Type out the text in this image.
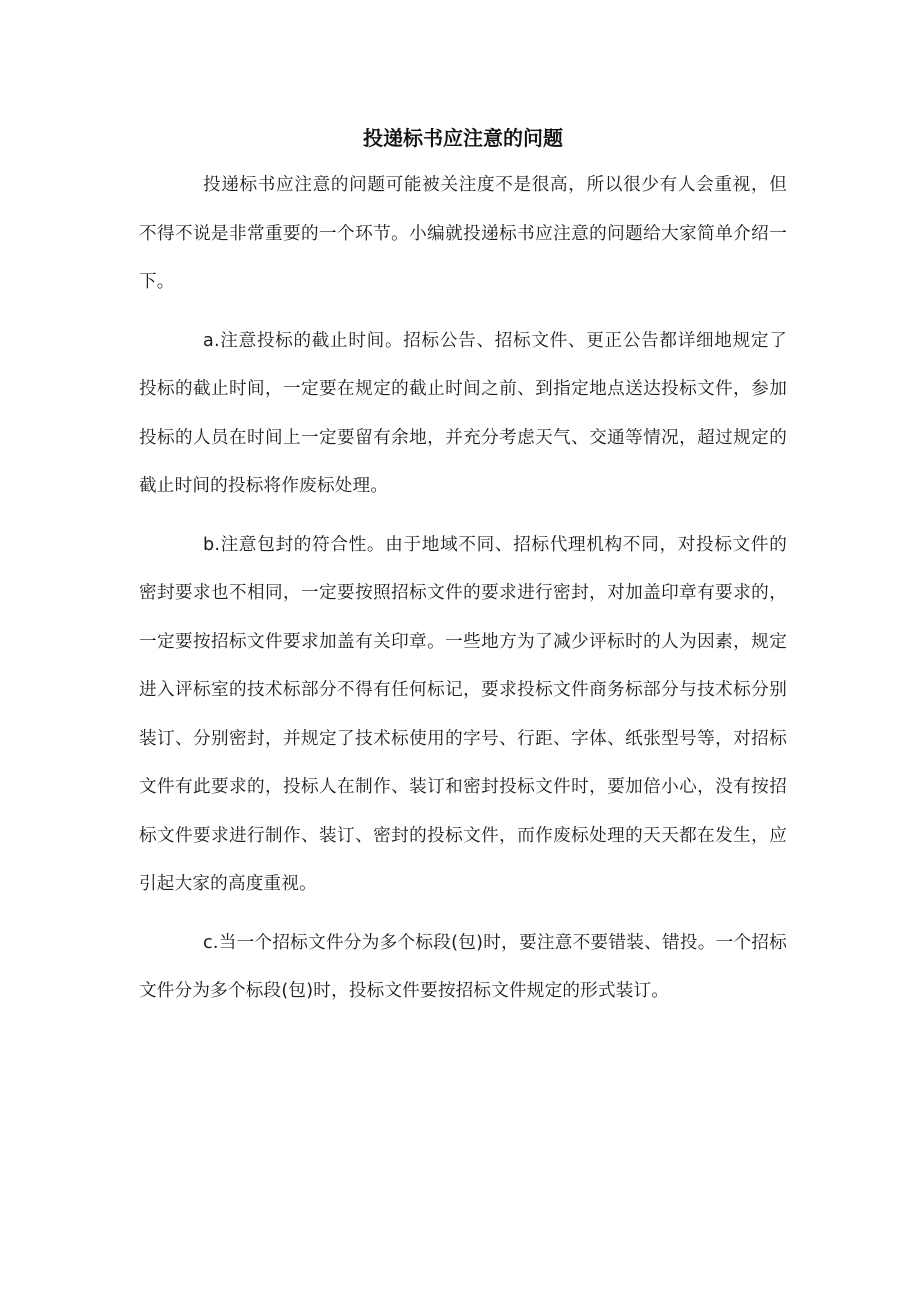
投递标书应注意的问题

投递标书应注意的问题可能被关注度不是很高，所以很少有人会重视，但不得不说是非常重要的一个环节。小编就投递标书应注意的问题给大家简单介绍一下。

a.注意投标的截止时间。招标公告、招标文件、更正公告都详细地规定了投标的截止时间，一定要在规定的截止时间之前、到指定地点送达投标文件，参加投标的人员在时间上一定要留有余地，并充分考虑天气、交通等情况，超过规定的截止时间的投标将作废标处理。

b.注意包封的符合性。由于地域不同、招标代理机构不同，对投标文件的密封要求也不相同，一定要按照招标文件的要求进行密封，对加盖印章有要求的，一定要按招标文件要求加盖有关印章。一些地方为了减少评标时的人为因素，规定进入评标室的技术标部分不得有任何标记，要求投标文件商务标部分与技术标分别装订、分别密封，并规定了技术标使用的字号、行距、字体、纸张型号等，对招标文件有此要求的，投标人在制作、装订和密封投标文件时，要加倍小心，没有按招标文件要求进行制作、装订、密封的投标文件，而作废标处理的天天都在发生，应引起大家的高度重视。

c.当一个招标文件分为多个标段(包)时，要注意不要错装、错投。一个招标文件分为多个标段(包)时，投标文件要按招标文件规定的形式装订。
